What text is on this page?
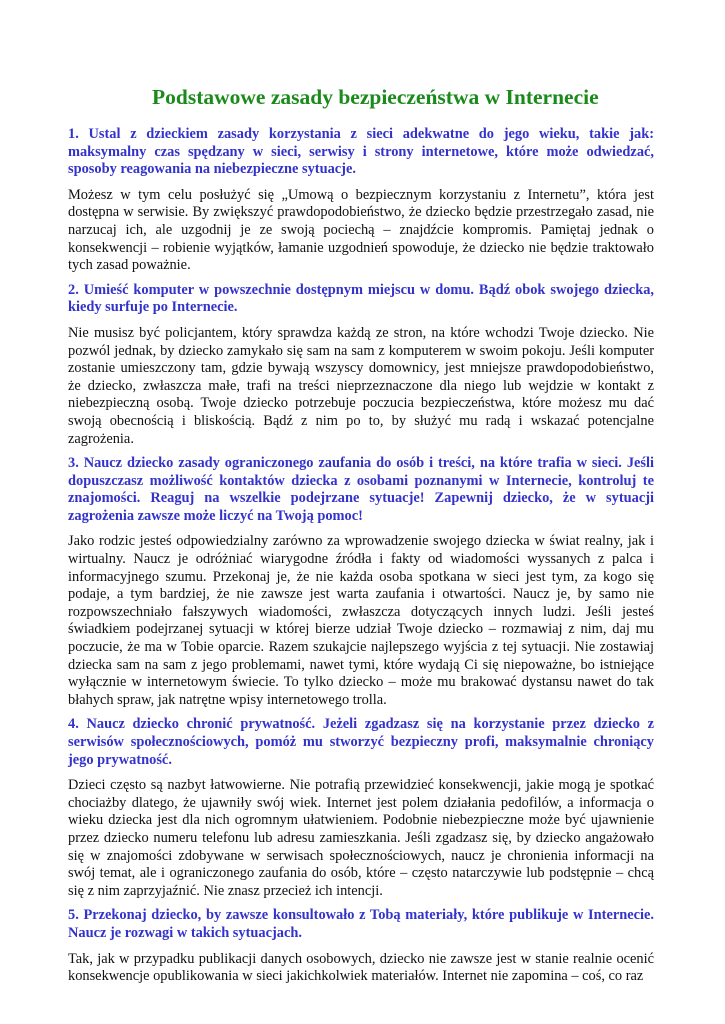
Podstawowe zasady bezpieczeństwa w Internecie

1. Ustal z dzieckiem zasady korzystania z sieci adekwatne do jego wieku, takie jak: maksymalny czas spędzany w sieci, serwisy i strony internetowe, które może odwiedzać, sposoby reagowania na niebezpieczne sytuacje.

Możesz w tym celu posłużyć się „Umową o bezpiecznym korzystaniu z Internetu”, która jest dostępna w serwisie. By zwiększyć prawdopodobieństwo, że dziecko będzie przestrzegało zasad, nie narzucaj ich, ale uzgodnij je ze swoją pociechą – znajdźcie kompromis. Pamiętaj jednak o konsekwencji – robienie wyjątków, łamanie uzgodnień spowoduje, że dziecko nie będzie traktowało tych zasad poważnie.

2. Umieść komputer w powszechnie dostępnym miejscu w domu. Bądź obok swojego dziecka, kiedy surfuje po Internecie.

Nie musisz być policjantem, który sprawdza każdą ze stron, na które wchodzi Twoje dziecko. Nie pozwól jednak, by dziecko zamykało się sam na sam z komputerem w swoim pokoju. Jeśli komputer zostanie umieszczony tam, gdzie bywają wszyscy domownicy, jest mniejsze prawdopodobieństwo, że dziecko, zwłaszcza małe, trafi na treści nieprzeznaczone dla niego lub wejdzie w kontakt z niebezpieczną osobą. Twoje dziecko potrzebuje poczucia bezpieczeństwa, które możesz mu dać swoją obecnością i bliskością. Bądź z nim po to, by służyć mu radą i wskazać potencjalne zagrożenia.

3. Naucz dziecko zasady ograniczonego zaufania do osób i treści, na które trafia w sieci. Jeśli dopuszczasz możliwość kontaktów dziecka z osobami poznanymi w Internecie, kontroluj te znajomości. Reaguj na wszelkie podejrzane sytuacje! Zapewnij dziecko, że w sytuacji zagrożenia zawsze może liczyć na Twoją pomoc!

Jako rodzic jesteś odpowiedzialny zarówno za wprowadzenie swojego dziecka w świat realny, jak i wirtualny. Naucz je odróżniać wiarygodne źródła i fakty od wiadomości wyssanych z palca i informacyjnego szumu. Przekonaj je, że nie każda osoba spotkana w sieci jest tym, za kogo się podaje, a tym bardziej, że nie zawsze jest warta zaufania i otwartości. Naucz je, by samo nie rozpowszechniało fałszywych wiadomości, zwłaszcza dotyczących innych ludzi. Jeśli jesteś świadkiem podejrzanej sytuacji w której bierze udział Twoje dziecko – rozmawiaj z nim, daj mu poczucie, że ma w Tobie oparcie. Razem szukajcie najlepszego wyjścia z tej sytuacji. Nie zostawiaj dziecka sam na sam z jego problemami, nawet tymi, które wydają Ci się niepoważne, bo istniejące wyłącznie w internetowym świecie. To tylko dziecko – może mu brakować dystansu nawet do tak błahych spraw, jak natrętne wpisy internetowego trolla.

4. Naucz dziecko chronić prywatność. Jeżeli zgadzasz się na korzystanie przez dziecko z serwisów społecznościowych, pomóż mu stworzyć bezpieczny profi, maksymalnie chroniący jego prywatność.

Dzieci często są nazbyt łatwowierne. Nie potrafią przewidzieć konsekwencji, jakie mogą je spotkać chociażby dlatego, że ujawniły swój wiek. Internet jest polem działania pedofilów, a informacja o wieku dziecka jest dla nich ogromnym ułatwieniem. Podobnie niebezpieczne może być ujawnienie przez dziecko numeru telefonu lub adresu zamieszkania. Jeśli zgadzasz się, by dziecko angażowało się w znajomości zdobywane w serwisach społecznościowych, naucz je chronienia informacji na swój temat, ale i ograniczonego zaufania do osób, które – często natarczywie lub podstępnie – chcą się z nim zaprzyjaźnić. Nie znasz przecież ich intencji.

5. Przekonaj dziecko, by zawsze konsultowało z Tobą materiały, które publikuje w Internecie. Naucz je rozwagi w takich sytuacjach.

Tak, jak w przypadku publikacji danych osobowych, dziecko nie zawsze jest w stanie realnie ocenić konsekwencje opublikowania w sieci jakichkolwiek materiałów. Internet nie zapomina – coś, co raz
